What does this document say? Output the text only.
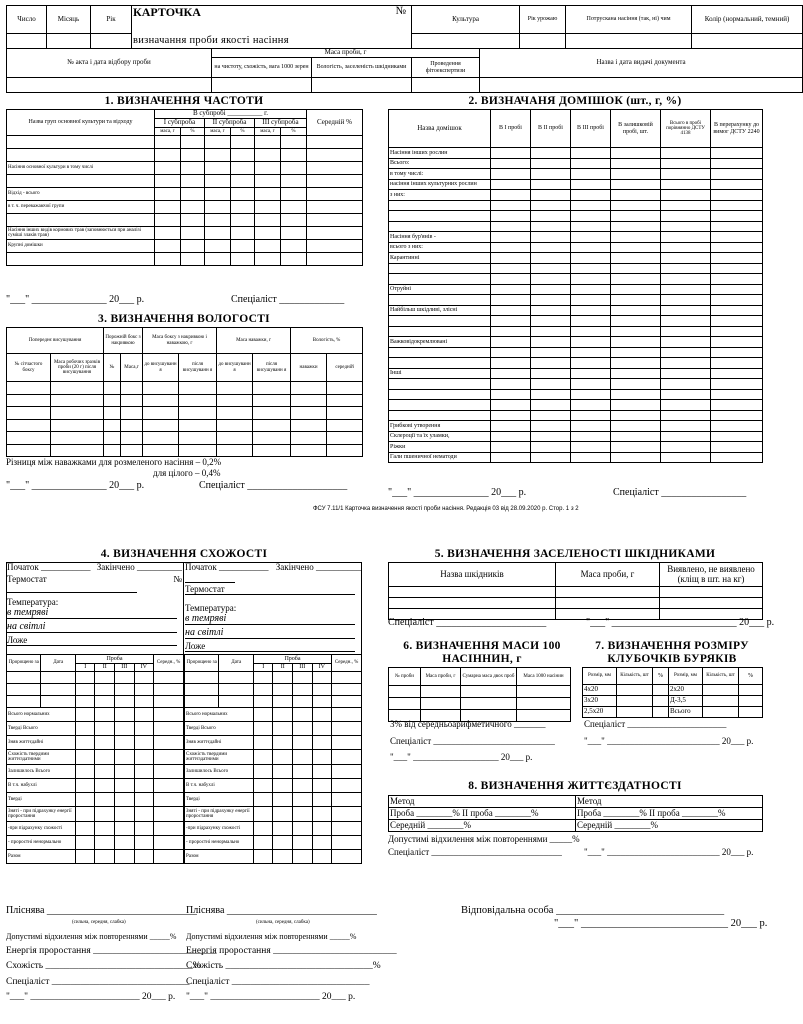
Число	Місяць	Рік	КАРТОЧКА №			Культура		Рік урожаю	Потрускана насіння (так, ні) чим	Колір (нормальний, темний)
			визначання проби якості насіння							
№ акта і дата відбору проби				Маса проби, г			Назва і дата видачі документа			
				на чистоту, схожість, вага 1000 зерен	Вологість, заселеність шкідниками	Проведення фітоекспертизи				

1. ВИЗНАЧЕННЯ ЧАСТОТИ
Назва груп основної культури та відходу	В субпробі __________ г.						Середній %
	І субпроба		ІІ субпроба		ІІІ субпроба		
	маса, г	%	маса, г	%	маса, г	%	

Насіння основної культури в тому числі							

Відхід - всього							
в т. ч. переважаючої групи							

Насіння інших видів кормових трав (заповнюється при аналізі суміші злаків трав)							
Крупні домішки							

"___" _______________ 20___ р.	Спеціаліст _____________
3. ВИЗНАЧЕННЯ ВОЛОГОСТІ
Попереднє висушування		Порожній бокс з накривкою		Маса боксу з накривкою і наважкою, г		Маса наважки, г		Вологість, %	
№ сітчастого боксу	Маса робочих зразків проби (20 г) після висушування	№	Маса,г	до висушуванн я	після висушуванн я	до висушуванн я	після висушуванн я	наважки	середній

Різниця між наважками для розмеленого насіння – 0,2%
для цілого – 0,4%
"___" _______________ 20___ р.	Спеціаліст ____________________
2. ВИЗНАЧАНЯ ДОМІШОК (шт., г, %)
Назва домішок	В І пробі	В ІІ пробі	В ІІІ пробі	В залишковій пробі, шт.	Всього в пробі порівнянно ДСТУ 4138	В перерахунку до вимог ДСТУ 2240
Насіння інших рослин						
Всього:						
в тому числі:						
насіння інших культурних рослин						
з них:						

Насіння бур'янів -						
всього з них:						
Карантинні						

Отруйні						

Найбільш шкідливі, злісні						

Важковідокремлювані						

Інші						

Грибкові утворення						
Склероції та їх уламки,						
Ріжки						
Гали пшеничної нематоди						
"___" _______________ 20___ р.	Спеціаліст _________________
ФСУ 7.11/1 Карточка визначення якості проби насіння. Редакція 03 від 28.09.2020 р. Стор. 1 з 2
4. ВИЗНАЧЕННЯ СХОЖОСТІ
Початок ___________ Закінчено __________
Термостат	№
Температура:
в темряві
на світлі
Ложе
Початок ___________ Закінчено __________
Термостат
Температура:
в темряві
на світлі
Ложе
Пророщено за	Дата	Проба				Середн., %
		І	ІІ	ІІІ	ІV	

Всього нормальних						
Тверді Всього						
Зняв життєдайні						
Схожість твердими життєздатними						
Залишилось Всього						
В т.ч. набухлі						
Тверді						
Зняті - при підрахунку енергії проростання						
-при підрахунку схожості						
- проростні ненормально						
Разом						
Пророщено за	Дата	Проба				Середн., %
		І	ІІ	ІІІ	ІV	

Всього нормальних						
Тверді Всього						
Зняв життєдайні						
Схожість твердими життєздатними						
Залишилось Всього						
В т.ч. набухлі						
Тверді						
Зняті - при підрахунку енергії проростання						
-при підрахунку схожості						
- проростні ненормально						
Разом						
Пліснява ______________________________
Пліснява ______________________________
(сильна, середня, слабка)	(сильна, середня, слабка)
Допустимі відхилення між повтореннями _____% Допустимі відхилення між повтореннями _____%
Енергія проростання __________________________
Енергія проростання __________________________
Схожість _______________________________%
Схожість _______________________________%
Спеціаліст _____________________________
Спеціаліст _____________________________
"___" _______________________ 20___ р. "___" _______________________ 20___ р.
5. ВИЗНАЧЕННЯ ЗАСЕЛЕНОСТІ ШКІДНИКАМИ
Назва шкідників	Маса проби, г	Виявлено, не виявлено (кліщ в шт. на кг)

Спеціаліст ______________________	"___" _________________________ 20___ р.
6. ВИЗНАЧЕННЯ МАСИ 100 НАСІННИН, г
№ проби	Маса проби, г	Сумарна маса двох проб	Маса 1000 насінин

3% від середньоарифметичного _______
Спеціаліст ___________________________
"___" ___________________ 20___ р.
7. ВИЗНАЧЕННЯ РОЗМІРУ КЛУБОЧКІВ БУРЯКІВ
Розмір, мм	Кількість, шт	%	Розмір, мм	Кількість, шт	%
4х20			2х20		
3х20			Д-3,5		
2,5х20			Всього		
Спеціаліст ______________________
"___" _________________________ 20___ р.
8. ВИЗНАЧЕННЯ ЖИТТЄЗДАТНОСТІ
Метод	Метод
Проба ________% ІІ проба ________%	Проба ________% ІІ проба ________%
Середній ________%	Середній ________%
Допустимі відхилення між повтореннями _____%
Спеціаліст _____________________________ "___" _________________________ 20___ р.
Відповідальна особа ________________________________
"___" ____________________________ 20___ р.
